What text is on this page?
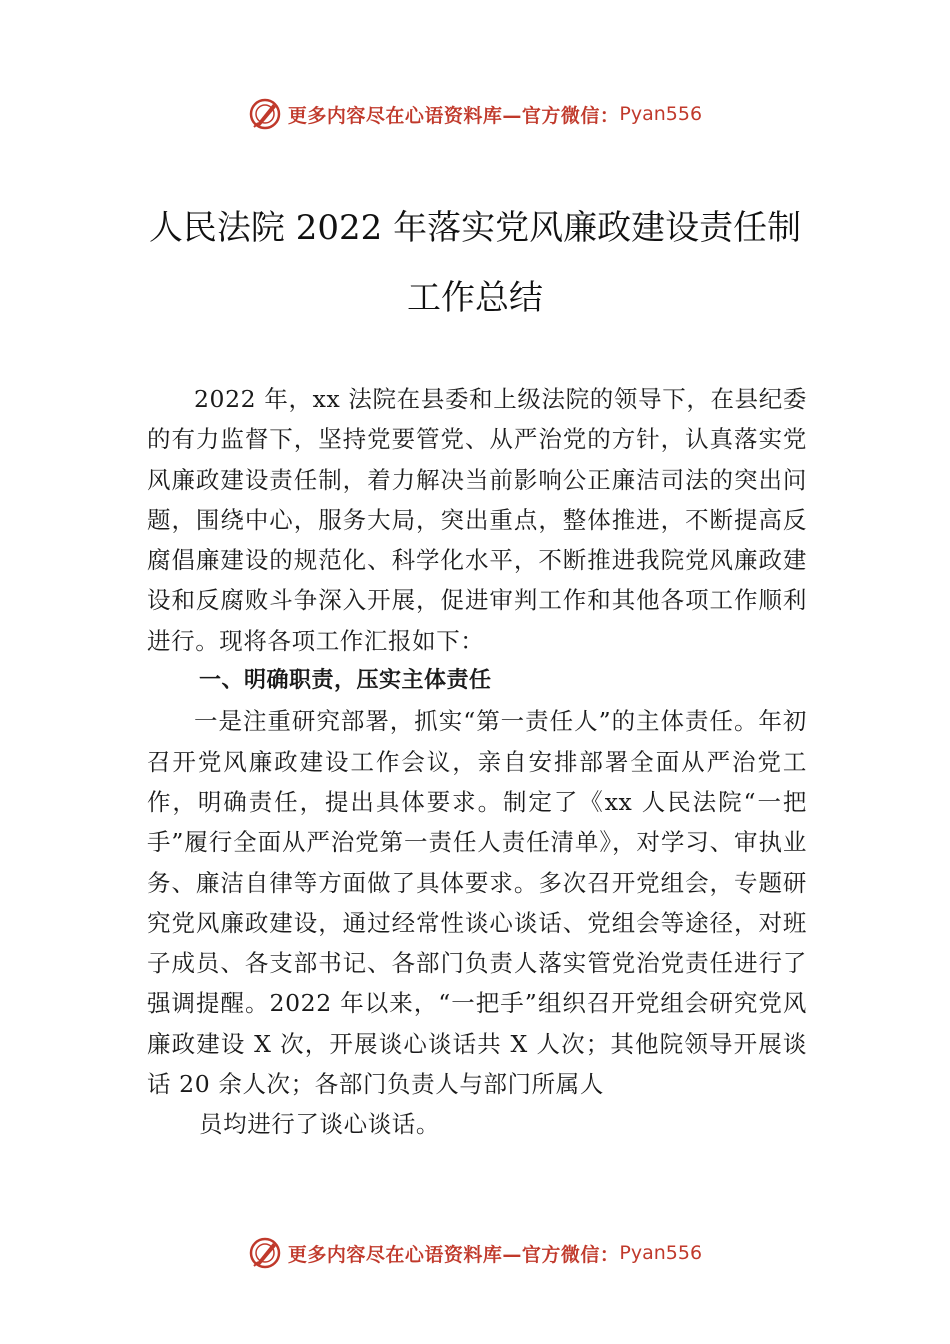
更多内容尽在心语资料库—官方微信： Pyan556
人民法院 2022 年落实党风廉政建设责任制
工作总结

2022 年，xx 法院在县委和上级法院的领导下，在县纪委的有力监督下，坚持党要管党、从严治党的方针，认真落实党风廉政建设责任制，着力解决当前影响公正廉洁司法的突出问题，围绕中心，服务大局，突出重点，整体推进，不断提高反腐倡廉建设的规范化、科学化水平，不断推进我院党风廉政建设和反腐败斗争深入开展，促进审判工作和其他各项工作顺利进行。现将各项工作汇报如下：

一、明确职责，压实主体责任

一是注重研究部署，抓实“第一责任人”的主体责任。年初召开党风廉政建设工作会议，亲自安排部署全面从严治党工作，明确责任，提出具体要求。制定了《xx 人民法院“一把手”履行全面从严治党第一责任人责任清单》，对学习、审执业务、廉洁自律等方面做了具体要求。多次召开党组会，专题研究党风廉政建设，通过经常性谈心谈话、党组会等途径，对班子成员、各支部书记、各部门负责人落实管党治党责任进行了强调提醒。2022 年以来，“一把手”组织召开党组会研究党风廉政建设 X 次，开展谈心谈话共 X 人次；其他院领导开展谈话 20 余人次；各部门负责人与部门所属人

员均进行了谈心谈话。

更多内容尽在心语资料库—官方微信： Pyan556
